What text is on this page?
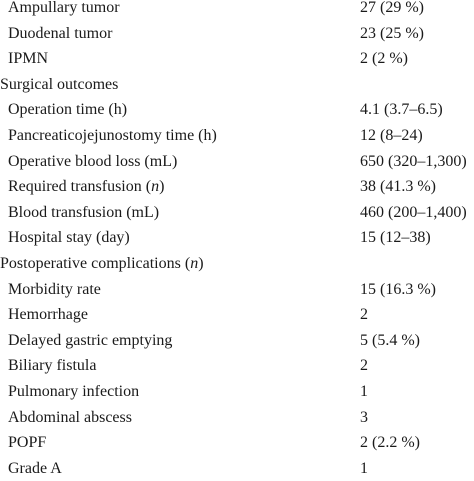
Ampullary tumor	27 (29 %)
Duodenal tumor	23 (25 %)
IPMN	2 (2 %)
Surgical outcomes
Operation time (h)	4.1 (3.7–6.5)
Pancreaticojejunostomy time (h)	12 (8–24)
Operative blood loss (mL)	650 (320–1,300)
Required transfusion (n)	38 (41.3 %)
Blood transfusion (mL)	460 (200–1,400)
Hospital stay (day)	15 (12–38)
Postoperative complications (n)
Morbidity rate	15 (16.3 %)
Hemorrhage	2
Delayed gastric emptying	5 (5.4 %)
Biliary fistula	2
Pulmonary infection	1
Abdominal abscess	3
POPF	2 (2.2 %)
Grade A	1
